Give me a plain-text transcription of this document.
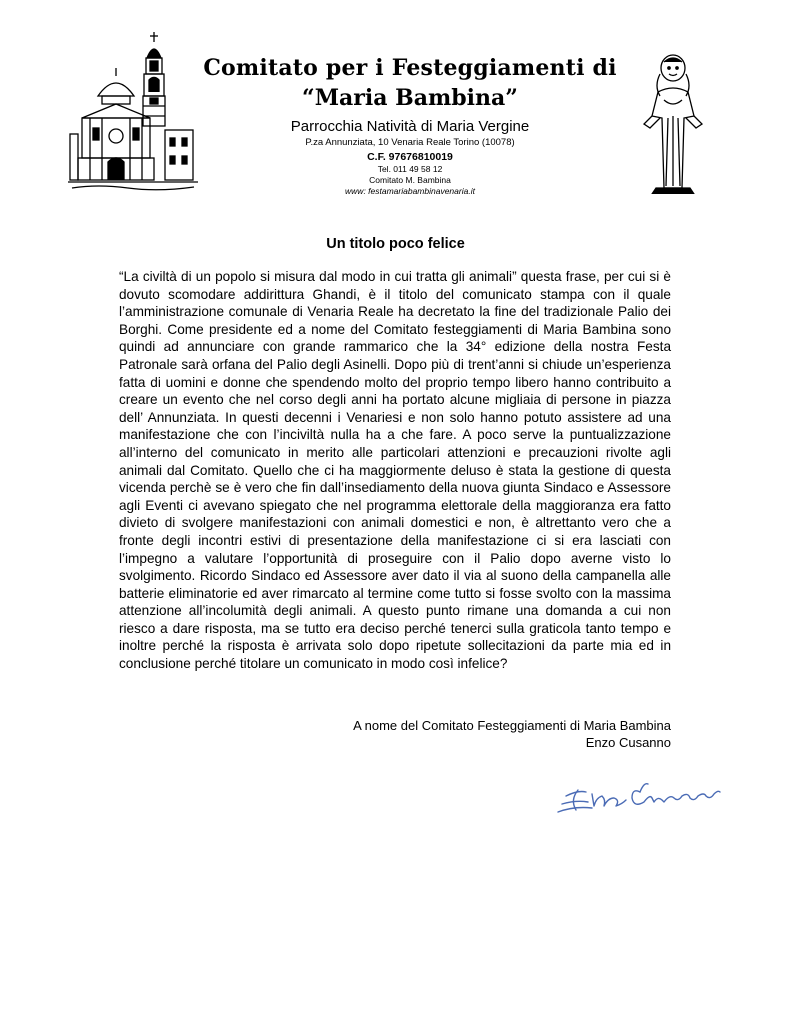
Comitato per i Festeggiamenti di
“Maria Bambina”
Parrocchia Natività di Maria Vergine
P.za Annunziata, 10 Venaria Reale Torino (10078)
C.F. 97676810019
Tel. 011 49 58 12
Comitato M. Bambina
www: festamariabambinavenaria.it
Un titolo poco felice

“La civiltà di un popolo si misura dal modo in cui tratta gli animali” questa frase, per cui si è dovuto scomodare addirittura Ghandi, è il titolo del comunicato stampa con il quale l’amministrazione comunale di Venaria Reale ha decretato la fine del tradizionale Palio dei Borghi. Come presidente ed a nome del Comitato festeggiamenti di Maria Bambina sono quindi ad annunciare con grande rammarico che la 34° edizione della nostra Festa Patronale sarà orfana del Palio degli Asinelli. Dopo più di trent’anni si chiude un’esperienza fatta di uomini e donne che spendendo molto del proprio tempo libero hanno contribuito a creare un evento che nel corso degli anni ha portato alcune migliaia di persone in piazza dell’ Annunziata. In questi decenni i Venariesi e non solo hanno potuto assistere ad una manifestazione che con l’inciviltà nulla ha a che fare. A poco serve la puntualizzazione all’interno del comunicato in merito alle particolari attenzioni e precauzioni rivolte agli animali dal Comitato. Quello che ci ha maggiormente deluso è stata la gestione di questa vicenda perchè se è vero che fin dall’insediamento della nuova giunta Sindaco e Assessore agli Eventi ci avevano spiegato che nel programma elettorale della maggioranza era fatto divieto di svolgere manifestazioni con animali domestici e non, è altrettanto vero che a fronte degli incontri estivi di presentazione della manifestazione ci si era lasciati con l’impegno a valutare l’opportunità di proseguire con il Palio dopo averne visto lo svolgimento. Ricordo Sindaco ed Assessore aver dato il via al suono della campanella alle batterie eliminatorie ed aver rimarcato al termine come tutto si fosse svolto con la massima attenzione all’incolumità degli animali. A questo punto rimane una domanda a cui non riesco a dare risposta, ma se tutto era deciso perché tenerci sulla graticola tanto tempo e inoltre perché la risposta è arrivata solo dopo ripetute sollecitazioni da parte mia ed in conclusione perché titolare un comunicato in modo così infelice?

A nome del Comitato Festeggiamenti di Maria Bambina
Enzo Cusanno
